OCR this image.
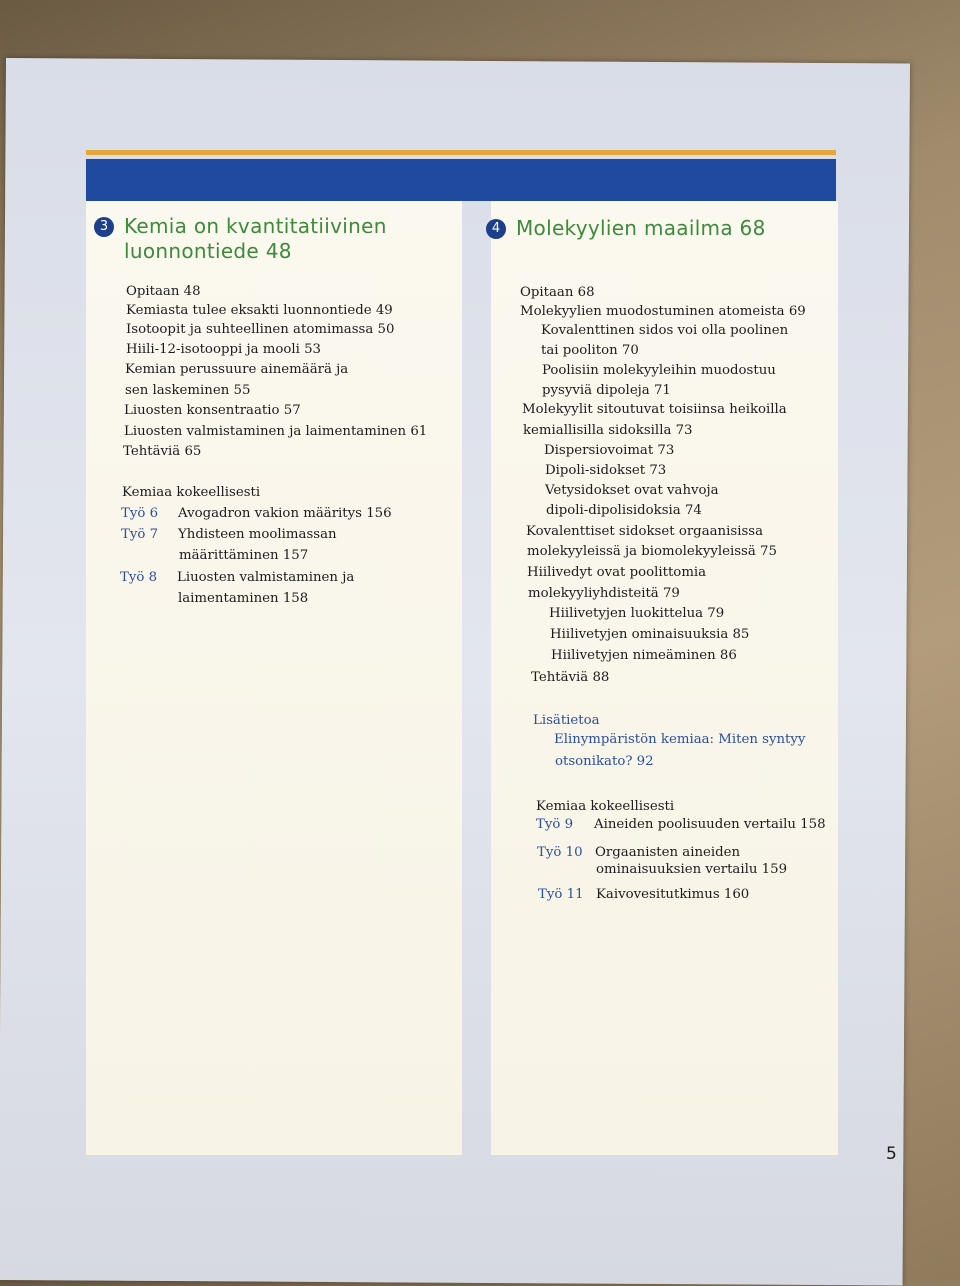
3 Kemia on kvantitatiivinen
luonnontiede 48
Opitaan 48
Kemiasta tulee eksakti luonnontiede 49
Isotoopit ja suhteellinen atomimassa 50
Hiili-12-isotooppi ja mooli 53
Kemian perussuure ainemäärä ja
sen laskeminen 55
Liuosten konsentraatio 57
Liuosten valmistaminen ja laimentaminen 61
Tehtäviä 65
Kemiaa kokeellisesti
Työ 6 Avogadron vakion määritys 156
Työ 7 Yhdisteen moolimassan
määrittäminen 157
Työ 8 Liuosten valmistaminen ja
laimentaminen 158
4 Molekyylien maailma 68
Opitaan 68
Molekyylien muodostuminen atomeista 69
Kovalenttinen sidos voi olla poolinen
tai pooliton 70
Poolisiin molekyyleihin muodostuu
pysyviä dipoleja 71
Molekyylit sitoutuvat toisiinsa heikoilla
kemiallisilla sidoksilla 73
Dispersiovoimat 73
Dipoli-sidokset 73
Vetysidokset ovat vahvoja
dipoli-dipolisidoksia 74
Kovalenttiset sidokset orgaanisissa
molekyyleissä ja biomolekyyleissä 75
Hiilivedyt ovat poolittomia
molekyyliyhdisteitä 79
Hiilivetyjen luokittelua 79
Hiilivetyjen ominaisuuksia 85
Hiilivetyjen nimeäminen 86
Tehtäviä 88
Lisätietoa
Elinympäristön kemiaa: Miten syntyy
otsonikato? 92
Kemiaa kokeellisesti
Työ 9 Aineiden poolisuuden vertailu 158
Työ 10 Orgaanisten aineiden
ominaisuuksien vertailu 159
Työ 11 Kaivovesitutkimus 160
5
